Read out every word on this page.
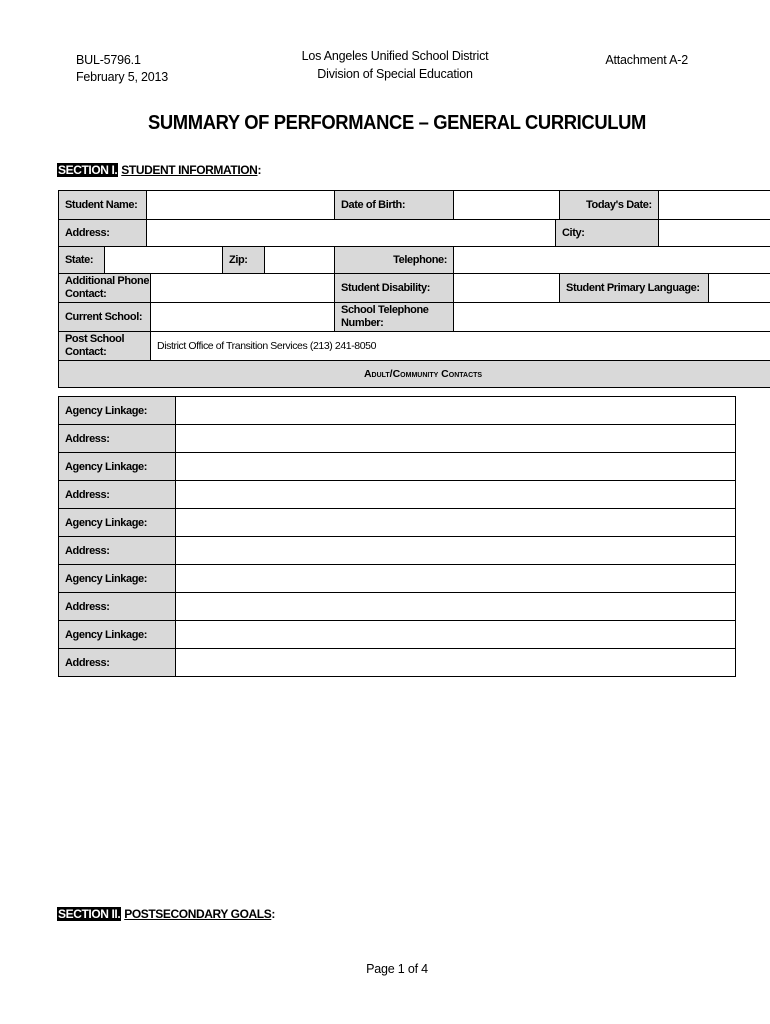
BUL-5796.1
February 5, 2013
Los Angeles Unified School District
Division of Special Education
Attachment A-2
SUMMARY OF PERFORMANCE – GENERAL CURRICULUM
SECTION I. STUDENT INFORMATION:
Student Name:						Date of Birth:			Today's Date:		
Address:								City:			
State:				Zip:		Telephone:					
Additional Phone Contact:						Student Disability:			Student Primary Language:		
Current School:						School Telephone Number:					
Post School Contact:			District Office of Transition Services (213) 241-8050								
Adult/Community Contacts											
Agency Linkage:	
Address:	
Agency Linkage:	
Address:	
Agency Linkage:	
Address:	
Agency Linkage:	
Address:	
Agency Linkage:	
Address:	
SECTION II. POSTSECONDARY GOALS:
Page 1 of 4
